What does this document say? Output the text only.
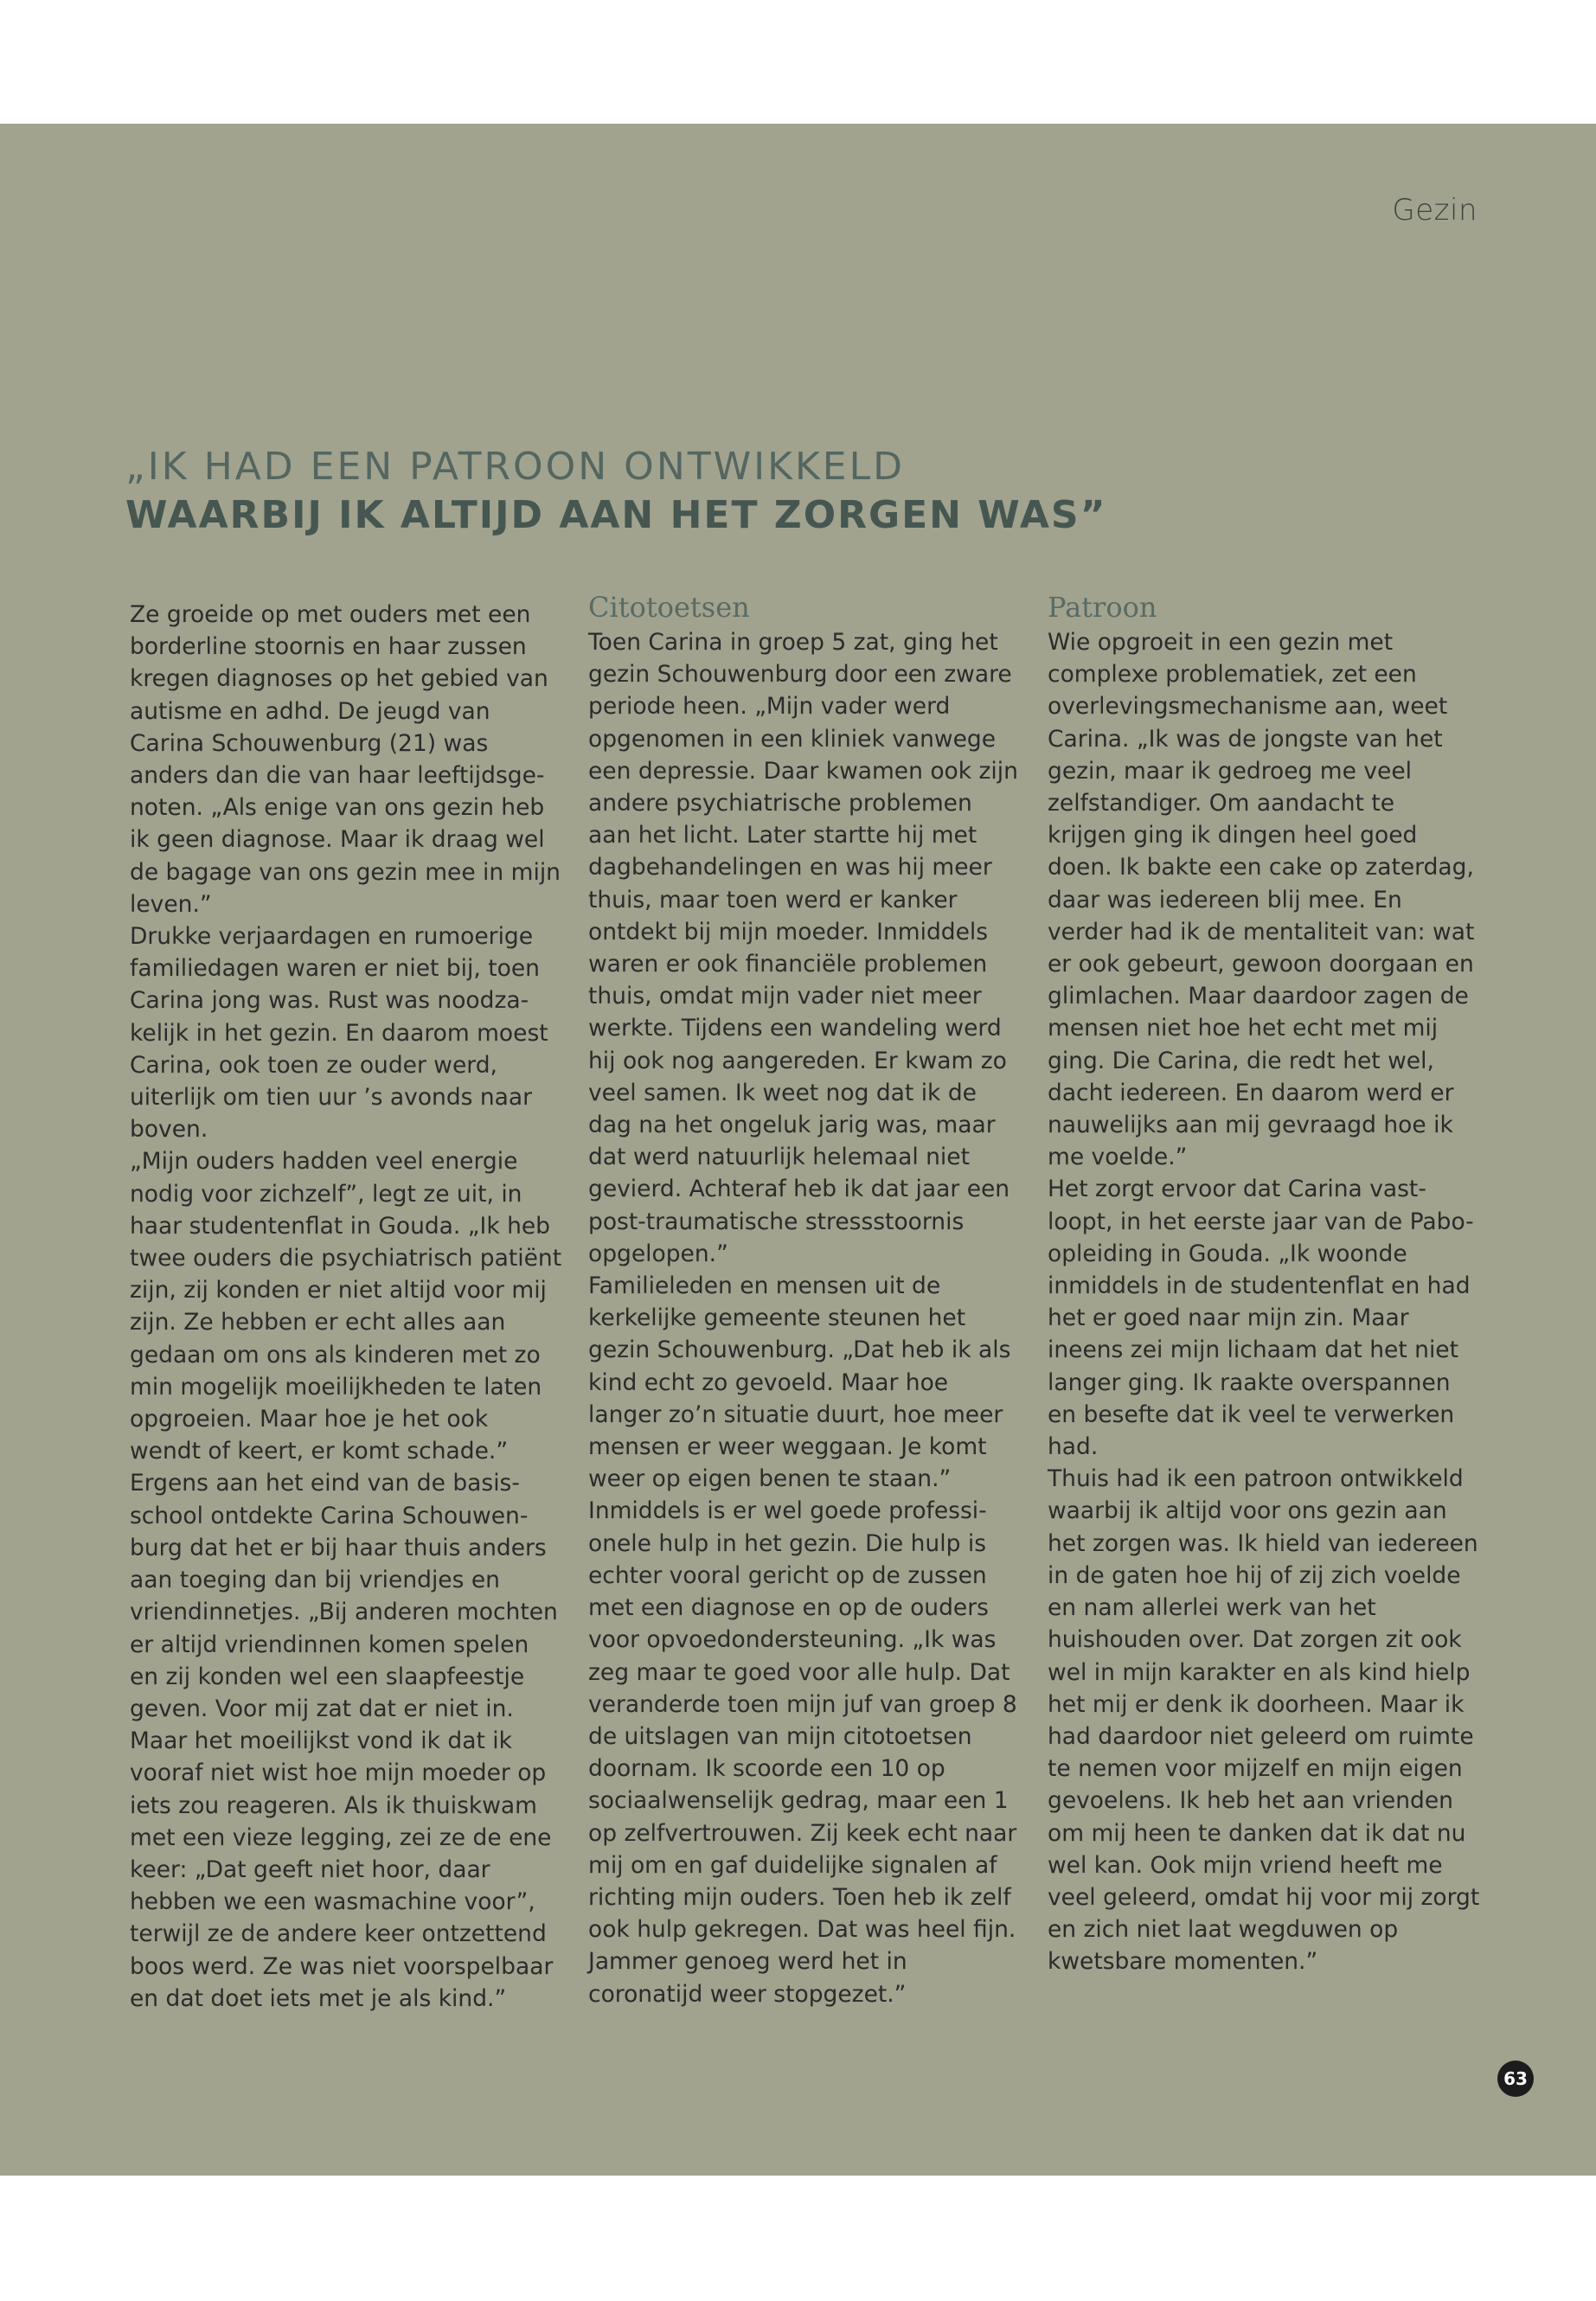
Gezin
„IK HAD EEN PATROON ONTWIKKELD
WAARBIJ IK ALTIJD AAN HET ZORGEN WAS”

Ze groeide op met ouders met een borderline stoornis en haar zussen kregen diagnoses op het gebied van autisme en adhd. De jeugd van Carina Schouwenburg (21) was anders dan die van haar leeftijdsgenoten. „Als enige van ons gezin heb ik geen diagnose. Maar ik draag wel de bagage van ons gezin mee in mijn leven.”

Drukke verjaardagen en rumoerige familiedagen waren er niet bij, toen Carina jong was. Rust was noodzakelijk in het gezin. En daarom moest Carina, ook toen ze ouder werd, uiterlijk om tien uur ’s avonds naar boven.

„Mijn ouders hadden veel energie nodig voor zichzelf”, legt ze uit, in haar studentenflat in Gouda. „Ik heb twee ouders die psychiatrisch patiënt zijn, zij konden er niet altijd voor mij zijn. Ze hebben er echt alles aan gedaan om ons als kinderen met zo min mogelijk moeilijkheden te laten opgroeien. Maar hoe je het ook wendt of keert, er komt schade.”

Ergens aan het eind van de basisschool ontdekte Carina Schouwenburg dat het er bij haar thuis anders aan toeging dan bij vriendjes en vriendinnetjes. „Bij anderen mochten er altijd vriendinnen komen spelen en zij konden wel een slaapfeestje geven. Voor mij zat dat er niet in. Maar het moeilijkst vond ik dat ik vooraf niet wist hoe mijn moeder op iets zou reageren. Als ik thuiskwam met een vieze legging, zei ze de ene keer: „Dat geeft niet hoor, daar hebben we een wasmachine voor”, terwijl ze de andere keer ontzettend boos werd. Ze was niet voorspelbaar en dat doet iets met je als kind.”

Citotoetsen

Toen Carina in groep 5 zat, ging het gezin Schouwenburg door een zware periode heen. „Mijn vader werd opgenomen in een kliniek vanwege een depressie. Daar kwamen ook zijn andere psychiatrische problemen aan het licht. Later startte hij met dagbehandelingen en was hij meer thuis, maar toen werd er kanker ontdekt bij mijn moeder. Inmiddels waren er ook financiële problemen thuis, omdat mijn vader niet meer werkte. Tijdens een wandeling werd hij ook nog aangereden. Er kwam zo veel samen. Ik weet nog dat ik de dag na het ongeluk jarig was, maar dat werd natuurlijk helemaal niet gevierd. Achteraf heb ik dat jaar een post-traumatische stressstoornis opgelopen.”

Familieleden en mensen uit de kerkelijke gemeente steunen het gezin Schouwenburg. „Dat heb ik als kind echt zo gevoeld. Maar hoe langer zo’n situatie duurt, hoe meer mensen er weer weggaan. Je komt weer op eigen benen te staan.”

Inmiddels is er wel goede professionele hulp in het gezin. Die hulp is echter vooral gericht op de zussen met een diagnose en op de ouders voor opvoedondersteuning. „Ik was zeg maar te goed voor alle hulp. Dat veranderde toen mijn juf van groep 8 de uitslagen van mijn citotoetsen doornam. Ik scoorde een 10 op sociaalwenselijk gedrag, maar een 1 op zelfvertrouwen. Zij keek echt naar mij om en gaf duidelijke signalen af richting mijn ouders. Toen heb ik zelf ook hulp gekregen. Dat was heel fijn. Jammer genoeg werd het in coronatijd weer stopgezet.”

Patroon

Wie opgroeit in een gezin met complexe problematiek, zet een overlevingsmechanisme aan, weet Carina. „Ik was de jongste van het gezin, maar ik gedroeg me veel zelfstandiger. Om aandacht te krijgen ging ik dingen heel goed doen. Ik bakte een cake op zaterdag, daar was iedereen blij mee. En verder had ik de mentaliteit van: wat er ook gebeurt, gewoon doorgaan en glimlachen. Maar daardoor zagen de mensen niet hoe het echt met mij ging. Die Carina, die redt het wel, dacht iedereen. En daarom werd er nauwelijks aan mij gevraagd hoe ik me voelde.”

Het zorgt ervoor dat Carina vastloopt, in het eerste jaar van de Pabo-opleiding in Gouda. „Ik woonde inmiddels in de studentenflat en had het er goed naar mijn zin. Maar ineens zei mijn lichaam dat het niet langer ging. Ik raakte overspannen en besefte dat ik veel te verwerken had.

Thuis had ik een patroon ontwikkeld waarbij ik altijd voor ons gezin aan het zorgen was. Ik hield van iedereen in de gaten hoe hij of zij zich voelde en nam allerlei werk van het huishouden over. Dat zorgen zit ook wel in mijn karakter en als kind hielp het mij er denk ik doorheen. Maar ik had daardoor niet geleerd om ruimte te nemen voor mijzelf en mijn eigen gevoelens. Ik heb het aan vrienden om mij heen te danken dat ik dat nu wel kan. Ook mijn vriend heeft me veel geleerd, omdat hij voor mij zorgt en zich niet laat wegduwen op kwetsbare momenten.”

63
